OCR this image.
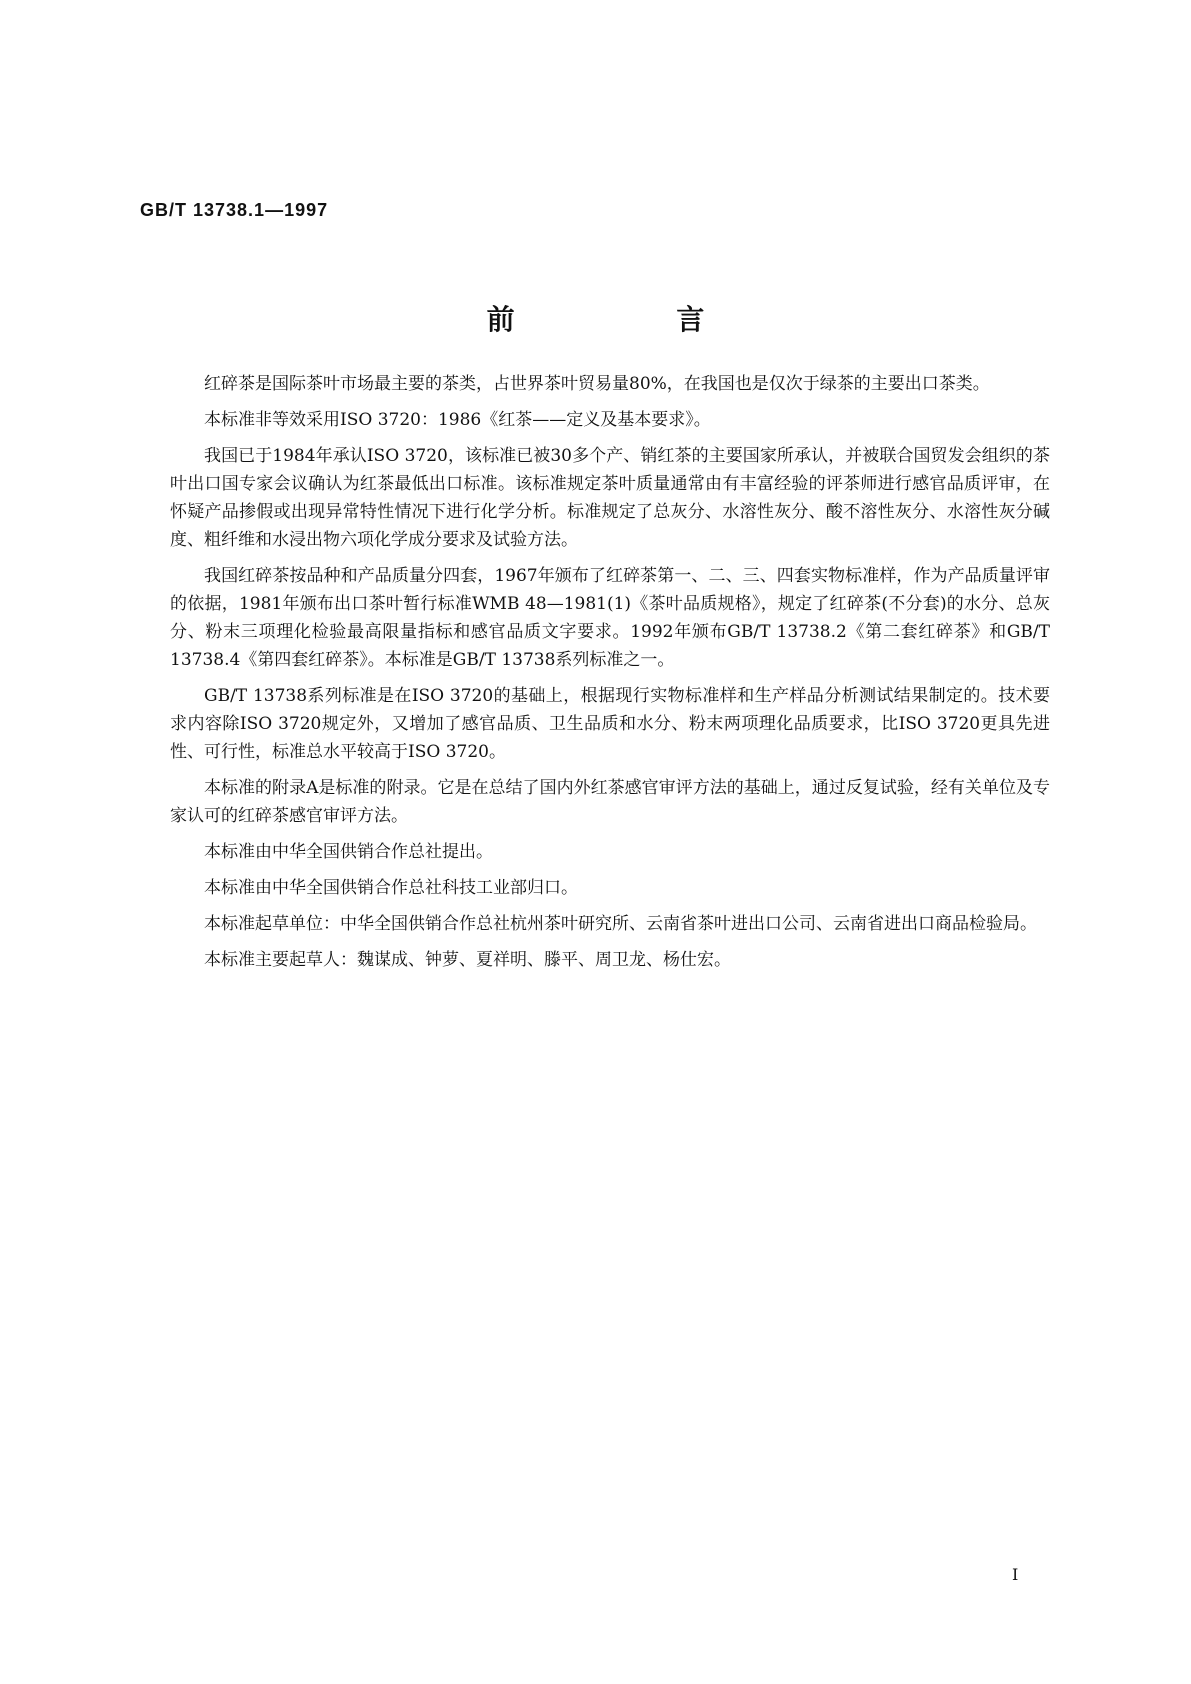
GB/T 13738.1—1997
前 言

红碎茶是国际茶叶市场最主要的茶类，占世界茶叶贸易量80%，在我国也是仅次于绿茶的主要出口茶类。

本标准非等效采用ISO 3720：1986《红茶——定义及基本要求》。

我国已于1984年承认ISO 3720，该标准已被30多个产、销红茶的主要国家所承认，并被联合国贸发会组织的茶叶出口国专家会议确认为红茶最低出口标准。该标准规定茶叶质量通常由有丰富经验的评茶师进行感官品质评审，在怀疑产品掺假或出现异常特性情况下进行化学分析。标准规定了总灰分、水溶性灰分、酸不溶性灰分、水溶性灰分碱度、粗纤维和水浸出物六项化学成分要求及试验方法。

我国红碎茶按品种和产品质量分四套，1967年颁布了红碎茶第一、二、三、四套实物标准样，作为产品质量评审的依据，1981年颁布出口茶叶暂行标准WMB 48—1981(1)《茶叶品质规格》，规定了红碎茶(不分套)的水分、总灰分、粉末三项理化检验最高限量指标和感官品质文字要求。1992年颁布GB/T 13738.2《第二套红碎茶》和GB/T 13738.4《第四套红碎茶》。本标准是GB/T 13738系列标准之一。

GB/T 13738系列标准是在ISO 3720的基础上，根据现行实物标准样和生产样品分析测试结果制定的。技术要求内容除ISO 3720规定外，又增加了感官品质、卫生品质和水分、粉末两项理化品质要求，比ISO 3720更具先进性、可行性，标准总水平较高于ISO 3720。

本标准的附录A是标准的附录。它是在总结了国内外红茶感官审评方法的基础上，通过反复试验，经有关单位及专家认可的红碎茶感官审评方法。

本标准由中华全国供销合作总社提出。

本标准由中华全国供销合作总社科技工业部归口。

本标准起草单位：中华全国供销合作总社杭州茶叶研究所、云南省茶叶进出口公司、云南省进出口商品检验局。

本标准主要起草人：魏谋成、钟萝、夏祥明、滕平、周卫龙、杨仕宏。

I
